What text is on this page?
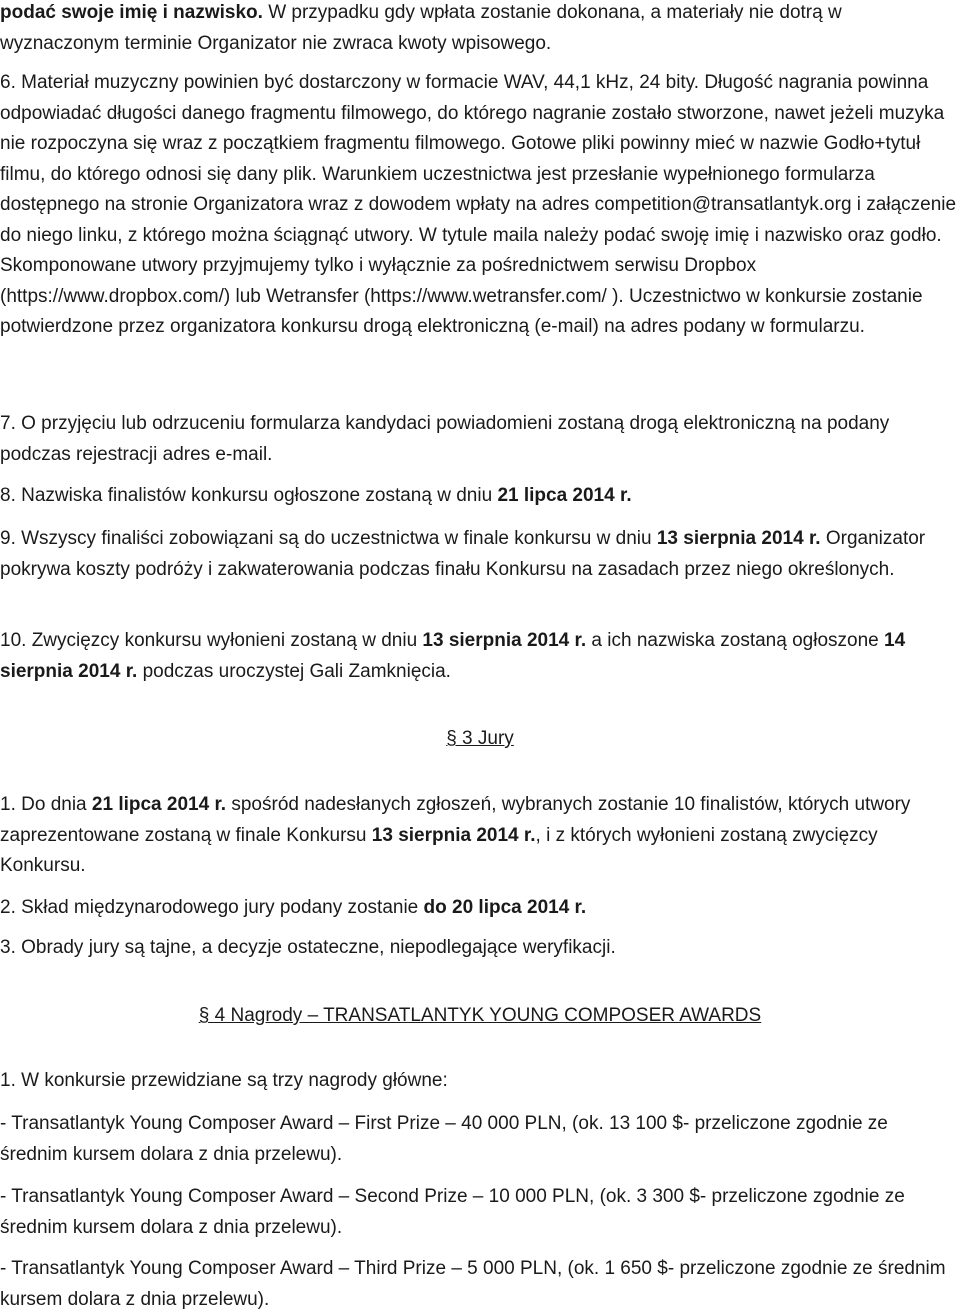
podać swoje imię i nazwisko. W przypadku gdy wpłata zostanie dokonana, a materiały nie dotrą w wyznaczonym terminie Organizator nie zwraca kwoty wpisowego.

6. Materiał muzyczny powinien być dostarczony w formacie WAV, 44,1 kHz, 24 bity. Długość nagrania powinna odpowiadać długości danego fragmentu filmowego, do którego nagranie zostało stworzone, nawet jeżeli muzyka nie rozpoczyna się wraz z początkiem fragmentu filmowego. Gotowe pliki powinny mieć w nazwie Godło+tytuł filmu, do którego odnosi się dany plik. Warunkiem uczestnictwa jest przesłanie wypełnionego formularza dostępnego na stronie Organizatora wraz z dowodem wpłaty na adres competition@transatlantyk.org i załączenie do niego linku, z którego można ściągnąć utwory. W tytule maila należy podać swoję imię i nazwisko oraz godło. Skomponowane utwory przyjmujemy tylko i wyłącznie za pośrednictwem serwisu Dropbox (https://www.dropbox.com/) lub Wetransfer (https://www.wetransfer.com/ ). Uczestnictwo w konkursie zostanie potwierdzone przez organizatora konkursu drogą elektroniczną (e-mail) na adres podany w formularzu.

7. O przyjęciu lub odrzuceniu formularza kandydaci powiadomieni zostaną drogą elektroniczną na podany podczas rejestracji adres e-mail.

8. Nazwiska finalistów konkursu ogłoszone zostaną w dniu 21 lipca 2014 r.

9. Wszyscy finaliści zobowiązani są do uczestnictwa w finale konkursu w dniu 13 sierpnia 2014 r. Organizator pokrywa koszty podróży i zakwaterowania podczas finału Konkursu na zasadach przez niego określonych.

10. Zwycięzcy konkursu wyłonieni zostaną w dniu 13 sierpnia 2014 r. a ich nazwiska zostaną ogłoszone 14 sierpnia 2014 r. podczas uroczystej Gali Zamknięcia.

§ 3 Jury

1. Do dnia 21 lipca 2014 r. spośród nadesłanych zgłoszeń, wybranych zostanie 10 finalistów, których utwory zaprezentowane zostaną w finale Konkursu 13 sierpnia 2014 r., i z których wyłonieni zostaną zwycięzcy Konkursu.

2. Skład międzynarodowego jury podany zostanie do 20 lipca 2014 r.

3. Obrady jury są tajne, a decyzje ostateczne, niepodlegające weryfikacji.

§ 4 Nagrody – TRANSATLANTYK YOUNG COMPOSER AWARDS

1. W konkursie przewidziane są trzy nagrody główne:

- Transatlantyk Young Composer Award – First Prize – 40 000 PLN, (ok. 13 100 $- przeliczone zgodnie ze średnim kursem dolara z dnia przelewu).

- Transatlantyk Young Composer Award – Second Prize – 10 000 PLN, (ok. 3 300 $- przeliczone zgodnie ze średnim kursem dolara z dnia przelewu).

- Transatlantyk Young Composer Award – Third Prize – 5 000 PLN, (ok. 1 650 $- przeliczone zgodnie ze średnim kursem dolara z dnia przelewu).
